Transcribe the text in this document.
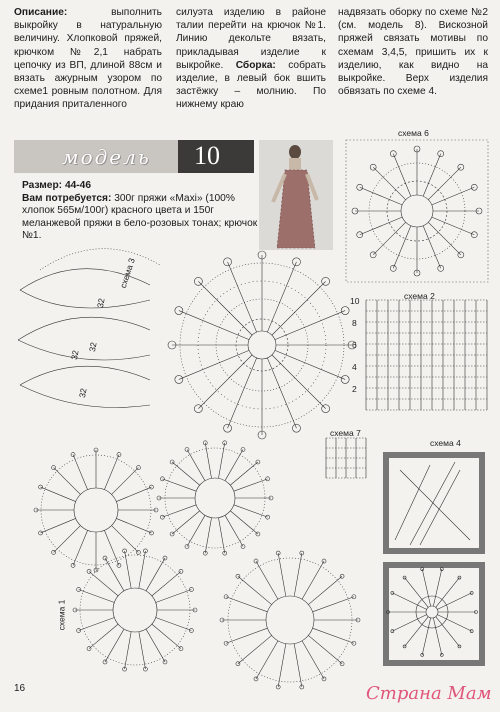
Описание:	выполнить выкройку в натуральную величину. Хлопковой пряжей, крючком №2,1 набрать цепочку из ВП, длиной 88см и вязать ажурным узором по схеме1 ровным полотном. Для придания приталенного
силуэта изделию в районе талии перейти на крючок №1. Линию декольте вязать, прикладывая изделие к выкройке. Сборка: собрать изделие, в левый бок вшить застёжку – молнию. По нижнему краю
надвязать оборку по схеме №2 (см. модель 8). Вискозной пряжей связать мотивы по схемам 3,4,5, пришить их к изделию, как видно на выкройке. Верх изделия обвязать по схеме 4.
модель 10
Размер: 44-46
Вам потребуется: 300г пряжи «Махі» (100% хлопок 565м/100г) красного цвета и 150г меланжевой пряжи в бело-розовых тонах; крючок №1.
схема 6
схема 2
схема 7
схема 4
схема 3
схема 1
10
8
6
4
2
32
32
32
32
16	Страна Мам
